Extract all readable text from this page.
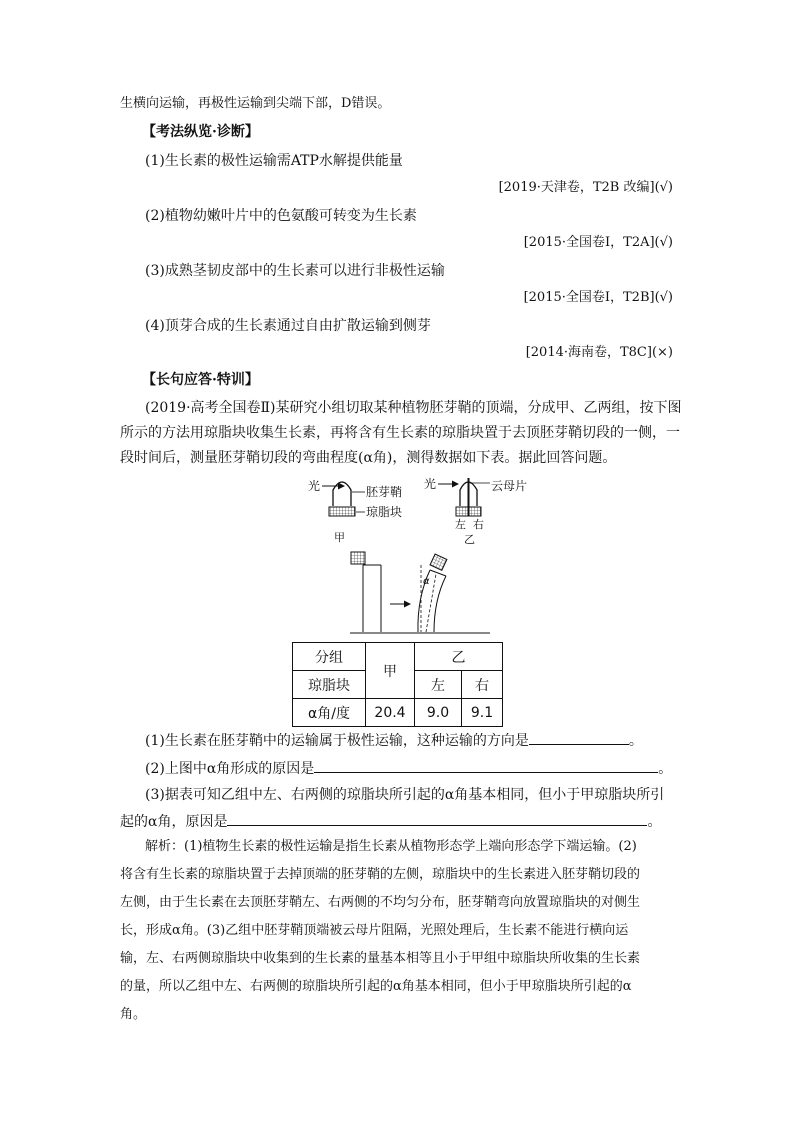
生横向运输，再极性运输到尖端下部，D错误。
【考法纵览·诊断】
(1)生长素的极性运输需ATP水解提供能量
[2019·天津卷，T2B 改编](√)
(2)植物幼嫩叶片中的色氨酸可转变为生长素
[2015·全国卷Ⅰ，T2A](√)
(3)成熟茎韧皮部中的生长素可以进行非极性运输
[2015·全国卷Ⅰ，T2B](√)
(4)顶芽合成的生长素通过自由扩散运输到侧芽
[2014·海南卷，T8C](×)
【长句应答·特训】
(2019·高考全国卷Ⅱ)某研究小组切取某种植物胚芽鞘的顶端，分成甲、乙两组，按下图
所示的方法用琼脂块收集生长素，再将含有生长素的琼脂块置于去顶胚芽鞘切段的一侧，一
段时间后，测量胚芽鞘切段的弯曲程度(α角)，测得数据如下表。据此回答问题。
光	胚芽鞘
琼脂块
甲
光	云母片
左 右
乙
α
分组	甲	乙	
琼脂块		左	右
α角/度	20.4	9.0	9.1
(1)生长素在胚芽鞘中的运输属于极性运输，这种运输的方向是	。
(2)上图中α角形成的原因是	。
(3)据表可知乙组中左、右两侧的琼脂块所引起的α角基本相同，但小于甲琼脂块所引
起的α角，原因是	。
解析：(1)植物生长素的极性运输是指生长素从植物形态学上端向形态学下端运输。(2)
将含有生长素的琼脂块置于去掉顶端的胚芽鞘的左侧，琼脂块中的生长素进入胚芽鞘切段的
左侧，由于生长素在去顶胚芽鞘左、右两侧的不均匀分布，胚芽鞘弯向放置琼脂块的对侧生
长，形成α角。(3)乙组中胚芽鞘顶端被云母片阻隔，光照处理后，生长素不能进行横向运
输，左、右两侧琼脂块中收集到的生长素的量基本相等且小于甲组中琼脂块所收集的生长素
的量，所以乙组中左、右两侧的琼脂块所引起的α角基本相同，但小于甲琼脂块所引起的α
角。
